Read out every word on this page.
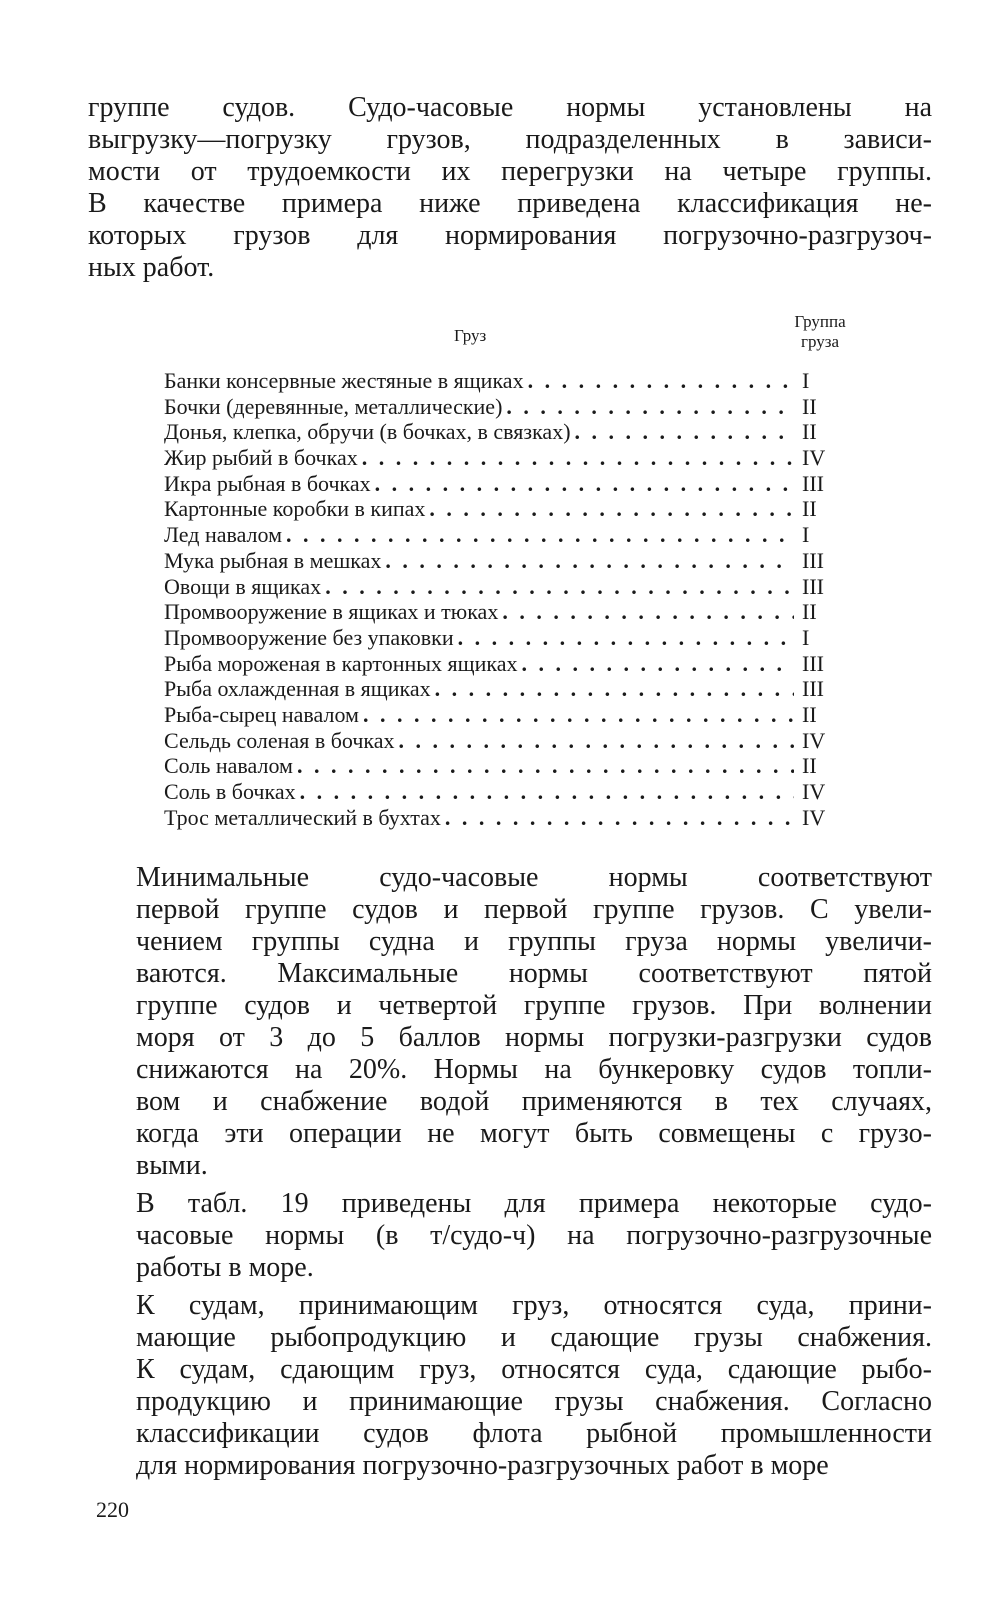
группе судов. Судо-часовые нормы установлены на
выгрузку—погрузку грузов, подразделенных в зависи-
мости от трудоемкости их перегрузки на четыре группы.
В качестве примера ниже приведена классификация не-
которых грузов для нормирования погрузочно-разгрузоч-
ных работ.

Груз
Группа
груза
Банки консервные жестяные в ящиках . . .	I
Бочки (деревянные, металлические) . . .	II
Донья, клепка, обручи (в бочках, в связках) . . .	II
Жир рыбий в бочках . . .	IV
Икра рыбная в бочках . . .	III
Картонные коробки в кипах . . .	II
Лед навалом . . .	I
Мука рыбная в мешках . . .	III
Овощи в ящиках . . .	III
Промвооружение в ящиках и тюках . . .	II
Промвооружение без упаковки . . .	I
Рыба мороженая в картонных ящиках . . .	III
Рыба охлажденная в ящиках . . .	III
Рыба-сырец навалом . . .	II
Сельдь соленая в бочках . . .	IV
Соль навалом . . .	II
Соль в бочках . . .	IV
Трос металлический в бухтах . . .	IV

Минимальные судо-часовые нормы соответствуют
первой группе судов и первой группе грузов. С увели-
чением группы судна и группы груза нормы увеличи-
ваются. Максимальные нормы соответствуют пятой
группе судов и четвертой группе грузов. При волнении
моря от 3 до 5 баллов нормы погрузки-разгрузки судов
снижаются на 20%. Нормы на бункеровку судов топли-
вом и снабжение водой применяются в тех случаях,
когда эти операции не могут быть совмещены с грузо-
выми.

В табл. 19 приведены для примера некоторые судо-
часовые нормы (в т/судо-ч) на погрузочно-разгрузочные
работы в море.

К судам, принимающим груз, относятся суда, прини-
мающие рыбопродукцию и сдающие грузы снабжения.
К судам, сдающим груз, относятся суда, сдающие рыбо-
продукцию и принимающие грузы снабжения. Согласно
классификации судов флота рыбной промышленности
для нормирования погрузочно-разгрузочных работ в море

220
